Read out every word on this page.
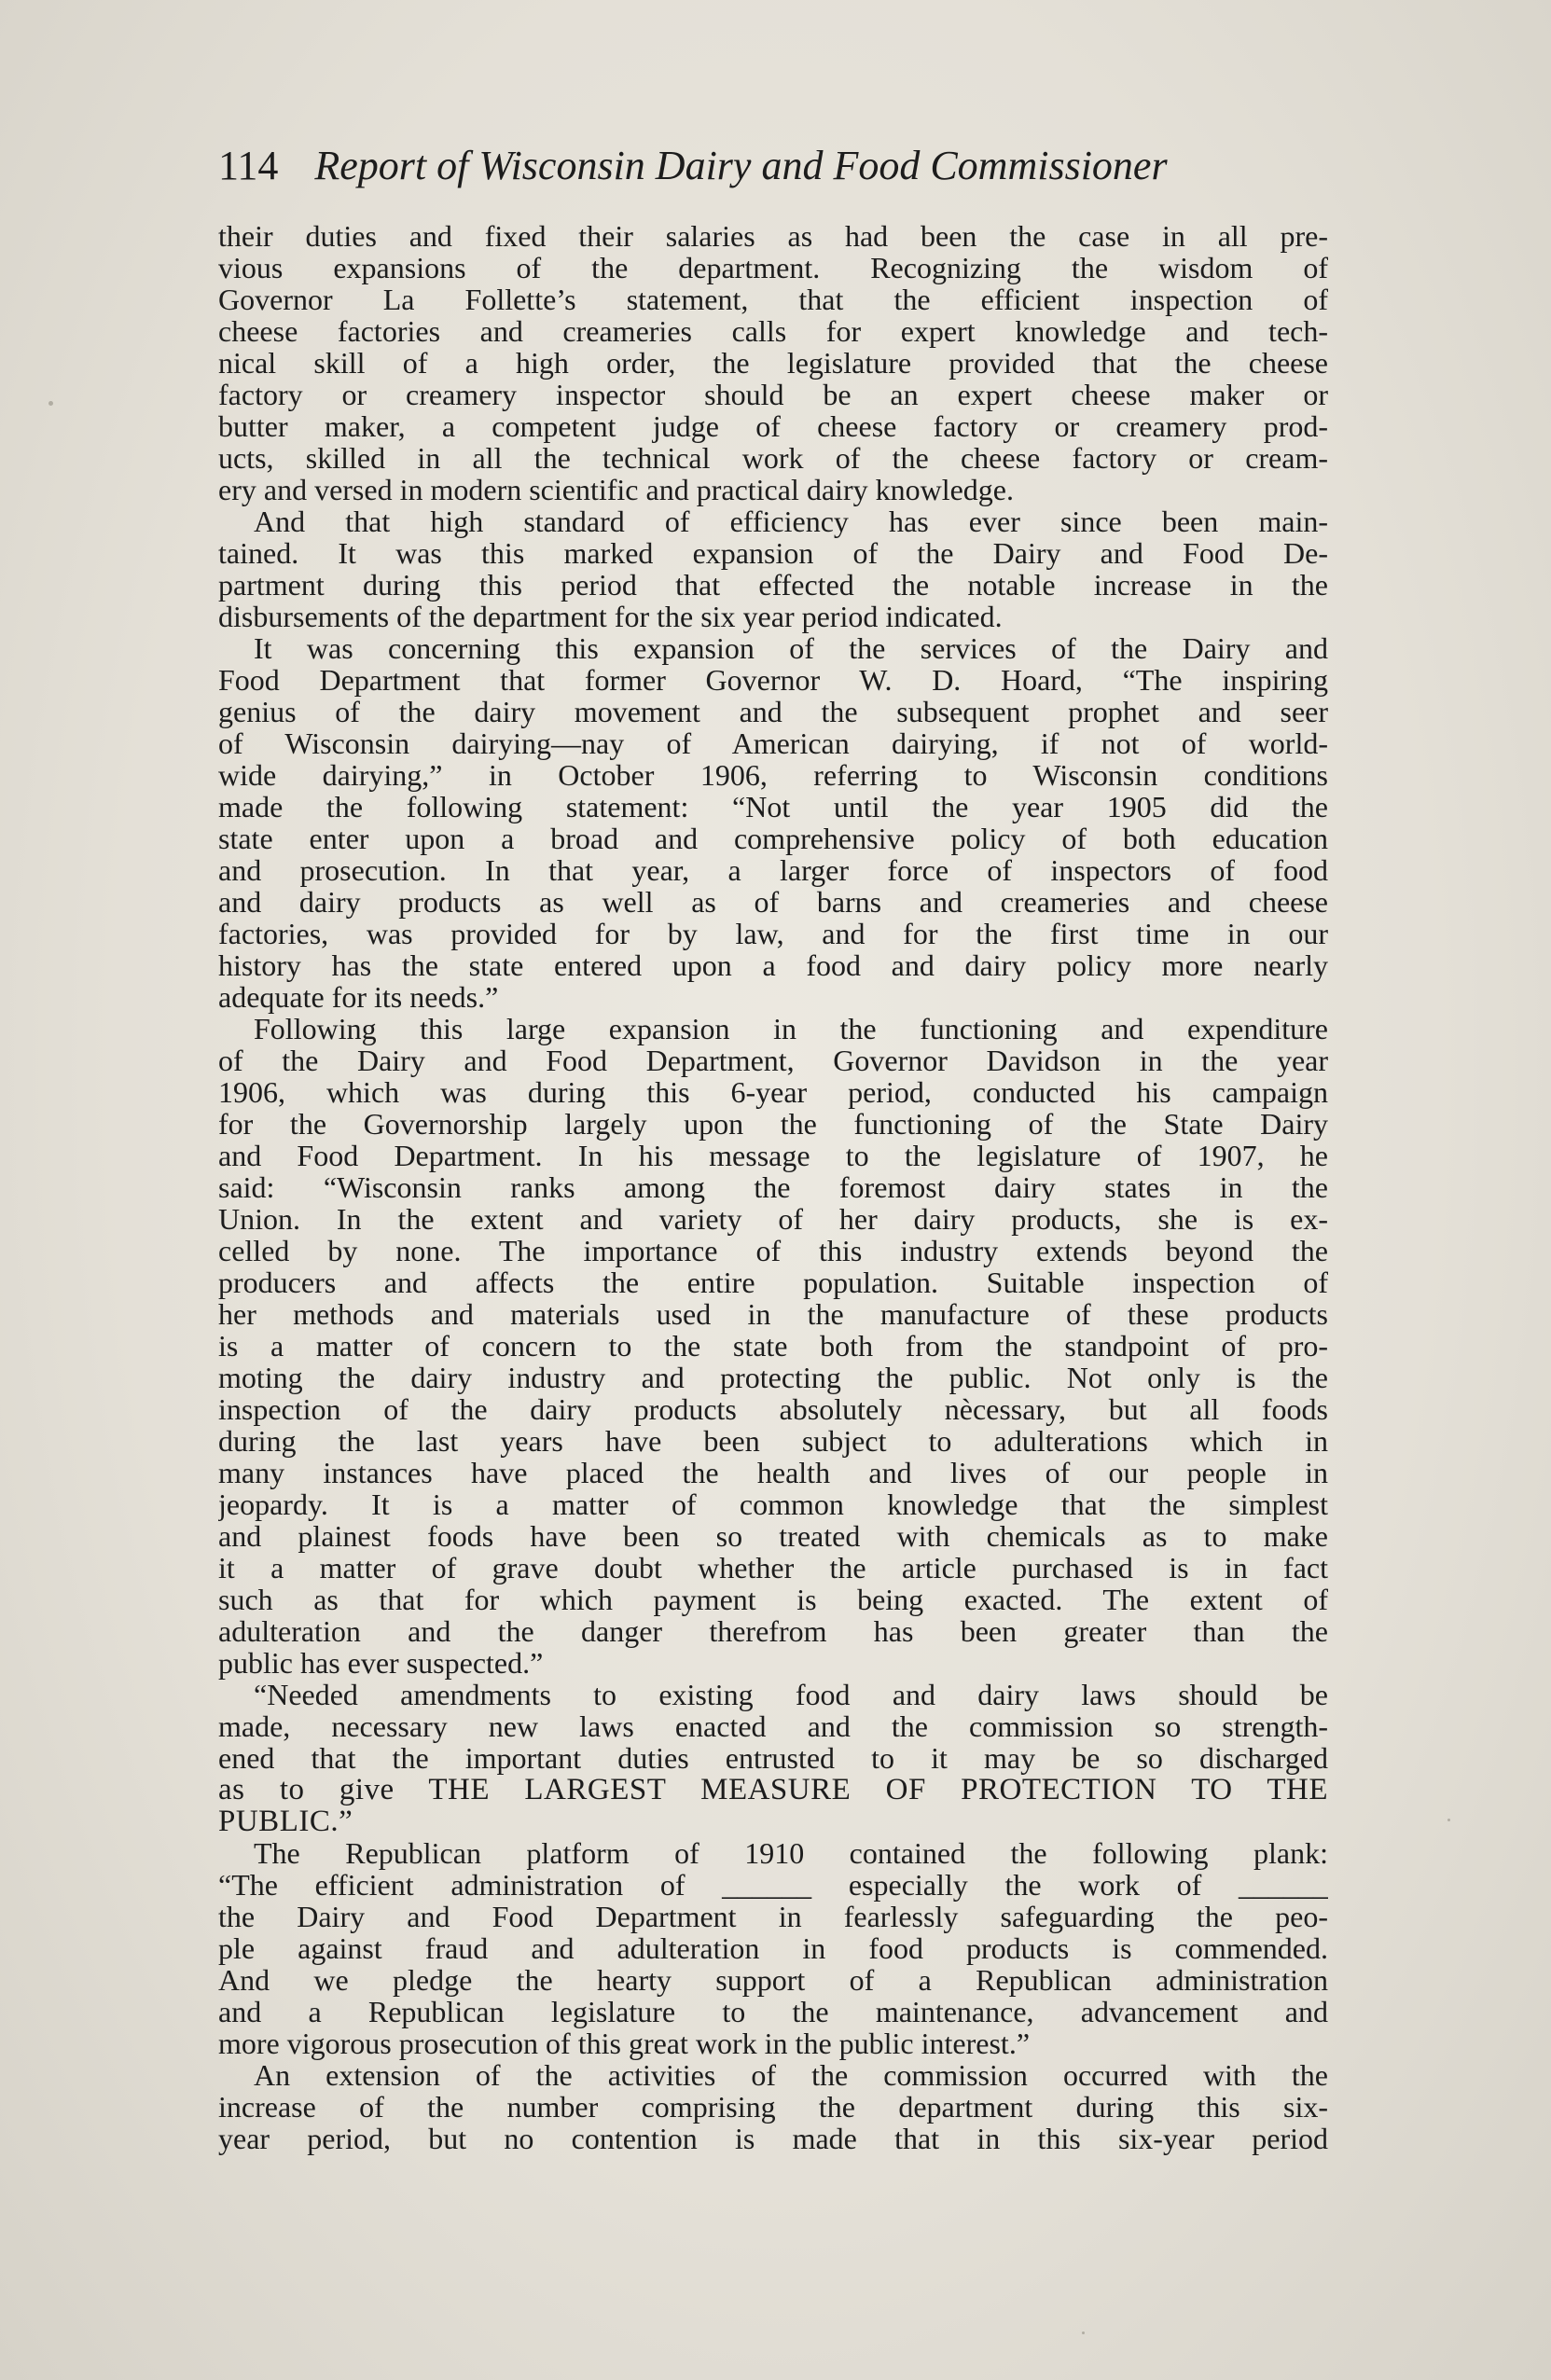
114 Report of Wisconsin Dairy and Food Commissioner
their duties and fixed their salaries as had been the case in all pre-
vious expansions of the department. Recognizing the wisdom of
Governor La Follette’s statement, that the efficient inspection of
cheese factories and creameries calls for expert knowledge and tech-
nical skill of a high order, the legislature provided that the cheese
factory or creamery inspector should be an expert cheese maker or
butter maker, a competent judge of cheese factory or creamery prod-
ucts, skilled in all the technical work of the cheese factory or cream-
ery and versed in modern scientific and practical dairy knowledge.
And that high standard of efficiency has ever since been main-
tained. It was this marked expansion of the Dairy and Food De-
partment during this period that effected the notable increase in the
disbursements of the department for the six year period indicated.
It was concerning this expansion of the services of the Dairy and
Food Department that former Governor W. D. Hoard, “The inspiring
genius of the dairy movement and the subsequent prophet and seer
of Wisconsin dairying—nay of American dairying, if not of world-
wide dairying,” in October 1906, referring to Wisconsin conditions
made the following statement: “Not until the year 1905 did the
state enter upon a broad and comprehensive policy of both education
and prosecution. In that year, a larger force of inspectors of food
and dairy products as well as of barns and creameries and cheese
factories, was provided for by law, and for the first time in our
history has the state entered upon a food and dairy policy more nearly
adequate for its needs.”
Following this large expansion in the functioning and expenditure
of the Dairy and Food Department, Governor Davidson in the year
1906, which was during this 6-year period, conducted his campaign
for the Governorship largely upon the functioning of the State Dairy
and Food Department. In his message to the legislature of 1907, he
said: “Wisconsin ranks among the foremost dairy states in the
Union. In the extent and variety of her dairy products, she is ex-
celled by none. The importance of this industry extends beyond the
producers and affects the entire population. Suitable inspection of
her methods and materials used in the manufacture of these products
is a matter of concern to the state both from the standpoint of pro-
moting the dairy industry and protecting the public. Not only is the
inspection of the dairy products absolutely nècessary, but all foods
during the last years have been subject to adulterations which in
many instances have placed the health and lives of our people in
jeopardy. It is a matter of common knowledge that the simplest
and plainest foods have been so treated with chemicals as to make
it a matter of grave doubt whether the article purchased is in fact
such as that for which payment is being exacted. The extent of
adulteration and the danger therefrom has been greater than the
public has ever suspected.”
“Needed amendments to existing food and dairy laws should be
made, necessary new laws enacted and the commission so strength-
ened that the important duties entrusted to it may be so discharged
as to give THE LARGEST MEASURE OF PROTECTION TO THE
PUBLIC.”
The Republican platform of 1910 contained the following plank:
“The efficient administration of ______ especially the work of ______
the Dairy and Food Department in fearlessly safeguarding the peo-
ple against fraud and adulteration in food products is commended.
And we pledge the hearty support of a Republican administration
and a Republican legislature to the maintenance, advancement and
more vigorous prosecution of this great work in the public interest.”
An extension of the activities of the commission occurred with the
increase of the number comprising the department during this six-
year period, but no contention is made that in this six-year period
